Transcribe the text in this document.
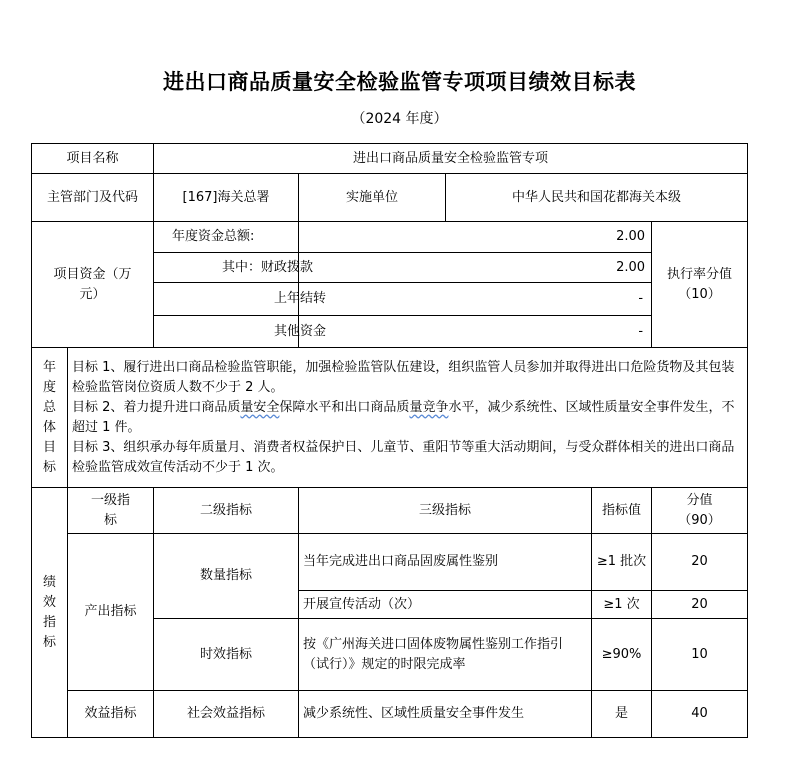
进出口商品质量安全检验监管专项项目绩效目标表
（2024 年度）
项目名称		进出口商品质量安全检验监管专项				
主管部门及代码		[167]海关总署	实施单位	中华人民共和国花都海关本级		
项目资金（万元）		年度资金总额:	2.00			执行率分值（10）
		其中：财政拨款	2.00			
		上年结转	-			
		其他资金	-			
年度总体目标	目标 1、履行进出口商品检验监管职能，加强检验监管队伍建设，组织监管人员参加并取得进出口危险货物及其包装检验监管岗位资质人数不少于 2 人。
目标 2、着力提升进口商品质量安全保障水平和出口商品质量竞争水平，减少系统性、区域性质量安全事件发生，不超过 1 件。
目标 3、组织承办每年质量月、消费者权益保护日、儿童节、重阳节等重大活动期间，与受众群体相关的进出口商品检验监管成效宣传活动不少于 1 次。					

绩效指标	一级指标	二级指标	三级指标		指标值	分值（90）
	产出指标	数量指标	当年完成进出口商品固废属性鉴别		≥1 批次	20
			开展宣传活动（次）		≥1 次	20
		时效指标	按《广州海关进口固体废物属性鉴别工作指引（试行）》规定的时限完成率		≥90%	10
	效益指标	社会效益指标	减少系统性、区域性质量安全事件发生		是	40
